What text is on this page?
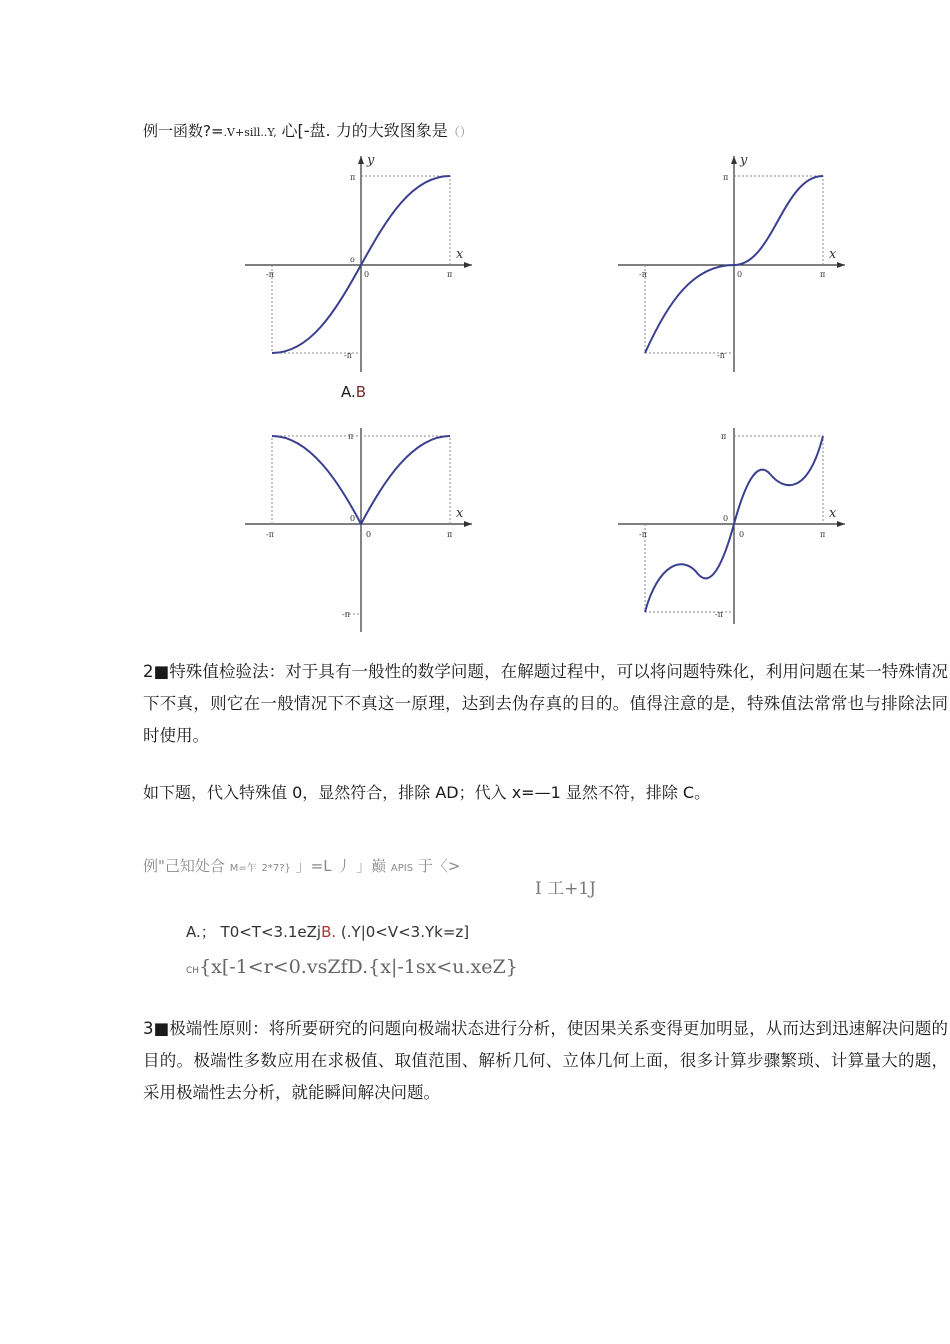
例一函数?=.V+sill..Y, 心[-盘. 力的大致图象是（）
π
-π
-π	π
o
0
x
y
π
-π
-π	π
0
x
y
A.B
π
-π
-π	π
0
0
x
π
-π
-π	π
0
0
x
2■特殊值检验法：对于具有一般性的数学问题，在解题过程中，可以将问题特殊化，利用问题在某一特殊情况下不真，则它在一般情况下不真这一原理，达到去伪存真的目的。值得注意的是，特殊值法常常也与排除法同时使用。
如下题，代入特殊值 0，显然符合，排除 AD；代入 x=—1 显然不符，排除 C。
例"己知处合 M=乍 2*7?} 」=L 丿 」巅 APIS 于〈>
I 工+1J
A.； T0<T<3.1eZjB. (.Y|0<V<3.Yk=z]
CH{x[-1<r<0.vsZfD.{x|-1sx<u.xeZ}
3■极端性原则：将所要研究的问题向极端状态进行分析，使因果关系变得更加明显，从而达到迅速解决问题的目的。极端性多数应用在求极值、取值范围、解析几何、立体几何上面，很多计算步骤繁琐、计算量大的题，采用极端性去分析，就能瞬间解决问题。
